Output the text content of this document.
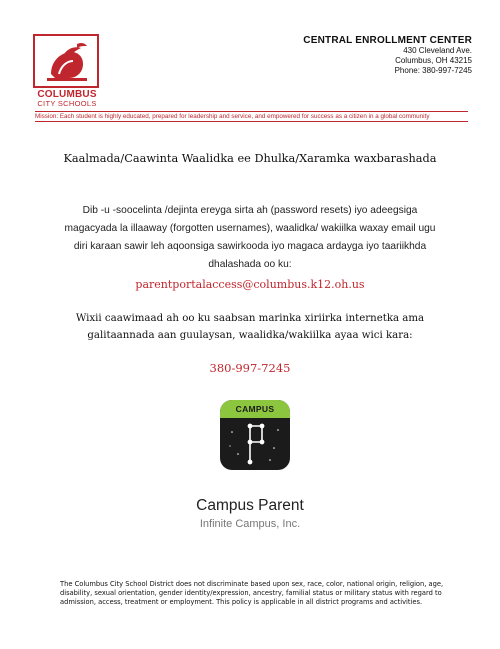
COLUMBUS
CITY SCHOOLS
CENTRAL ENROLLMENT CENTER
430 Cleveland Ave.
Columbus, OH 43215
Phone: 380-997-7245
Mission: Each student is highly educated, prepared for leadership and service, and empowered for success as a citizen in a global community
Kaalmada/Caawinta Waalidka ee Dhulka/Xaramka waxbarashada
Dib -u -soocelinta /dejinta ereyga sirta ah (password resets) iyo adeegsiga magacyada la illaaway (forgotten usernames), waalidka/ wakiilka waxay email ugu diri karaan sawir leh aqoonsiga sawirkooda iyo magaca ardayga iyo taariikhda dhalashada oo ku:
parentportalaccess@columbus.k12.oh.us
Wixii caawimaad ah oo ku saabsan marinka xiriirka internetka ama galitaannada aan guulaysan, waalidka/wakiilka ayaa wici kara:
380-997-7245
CAMPUS
Campus Parent
Infinite Campus, Inc.
The Columbus City School District does not discriminate based upon sex, race, color, national origin, religion, age, disability, sexual orientation, gender identity/expression, ancestry, familial status or military status with regard to admission, access, treatment or employment. This policy is applicable in all district programs and activities.
